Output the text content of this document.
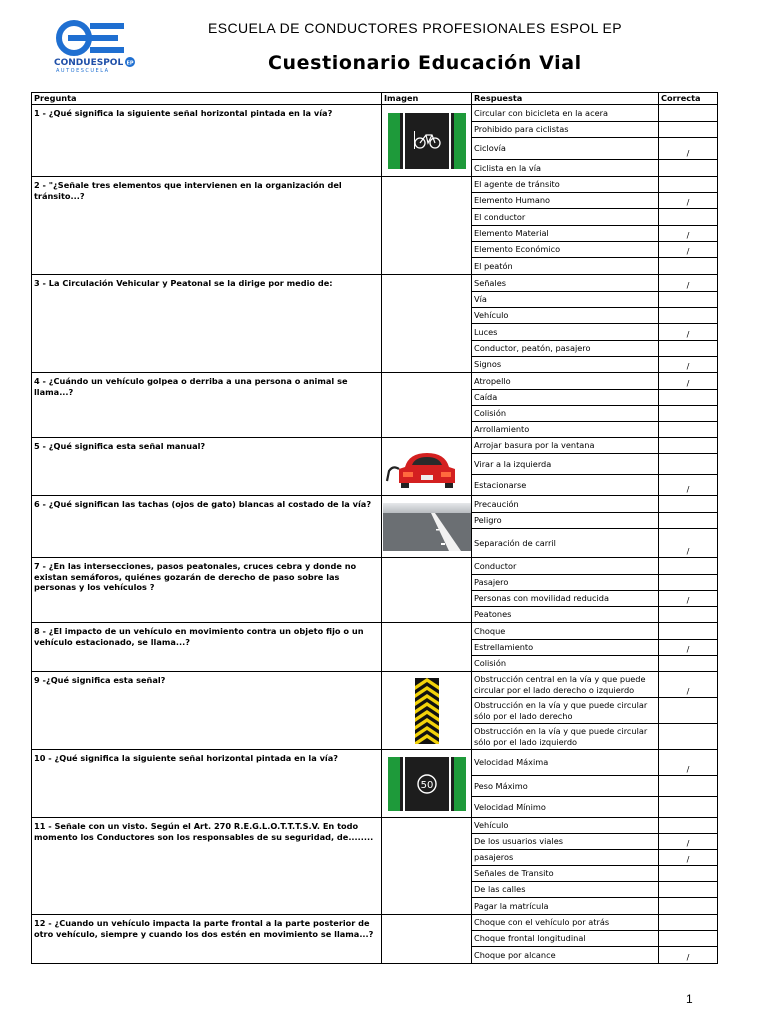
CONDUESPOL EP
AUTOESCUELA
ESCUELA DE CONDUCTORES PROFESIONALES ESPOL EP
Cuestionario Educación Vial
Pregunta	Imagen	Respuesta	Correcta
1 - ¿Qué significa la siguiente señal horizontal pintada en la vía?		Circular con bicicleta en la acera	
		Prohibido para ciclistas	
		Ciclovía	/
		Ciclista en la vía	
2 - "¿Señale tres elementos que intervienen en la organización del tránsito...?		El agente de tránsito	
		Elemento Humano	/
		El conductor	
		Elemento Material	/
		Elemento Económico	/
		El peatón	
3 - La Circulación Vehicular y Peatonal se la dirige por medio de:		Señales	/
		Vía	
		Vehículo	
		Luces	/
		Conductor, peatón, pasajero	
		Signos	/
4 - ¿Cuándo un vehículo golpea o derriba a una persona o animal se llama...?		Atropello	/
		Caída	
		Colisión	
		Arrollamiento	
5 - ¿Qué significa esta señal manual?		Arrojar basura por la ventana	
		Virar a la izquierda	
		Estacionarse	/
6 - ¿Qué significan las tachas (ojos de gato) blancas al costado de la vía?		Precaución	
		Peligro	
		Separación de carril	/
7 - ¿En las intersecciones, pasos peatonales, cruces cebra y donde no existan semáforos, quiénes gozarán de derecho de paso sobre las personas y los vehículos ?		Conductor	
		Pasajero	
		Personas con movilidad reducida	/
		Peatones	
8 - ¿El impacto de un vehículo en movimiento contra un objeto fijo o un vehículo estacionado, se llama...?		Choque	
		Estrellamiento	/
		Colisión	
9 -¿Qué significa esta señal?		Obstrucción central en la vía y que puede circular por el lado derecho o izquierdo	/
		Obstrucción en la vía y que puede circular sólo por el lado derecho	
		Obstrucción en la vía y que puede circular sólo por el lado izquierdo	
10 - ¿Qué significa la siguiente señal horizontal pintada en la vía?	50	Velocidad Máxima	/
		Peso Máximo	
		Velocidad Mínimo	
11 - Señale con un visto. Según el Art. 270 R.E.G.L.O.T.T.T.S.V. En todo momento los Conductores son los responsables de su seguridad, de........		Vehículo	
		De los usuarios viales	/
		pasajeros	/
		Señales de Transito	
		De las calles	
		Pagar la matrícula	
12 - ¿Cuando un vehículo impacta la parte frontal a la parte posterior de otro vehículo, siempre y cuando los dos estén en movimiento se llama...?		Choque con el vehículo por atrás	
		Choque frontal longitudinal	
		Choque por alcance	/
1
